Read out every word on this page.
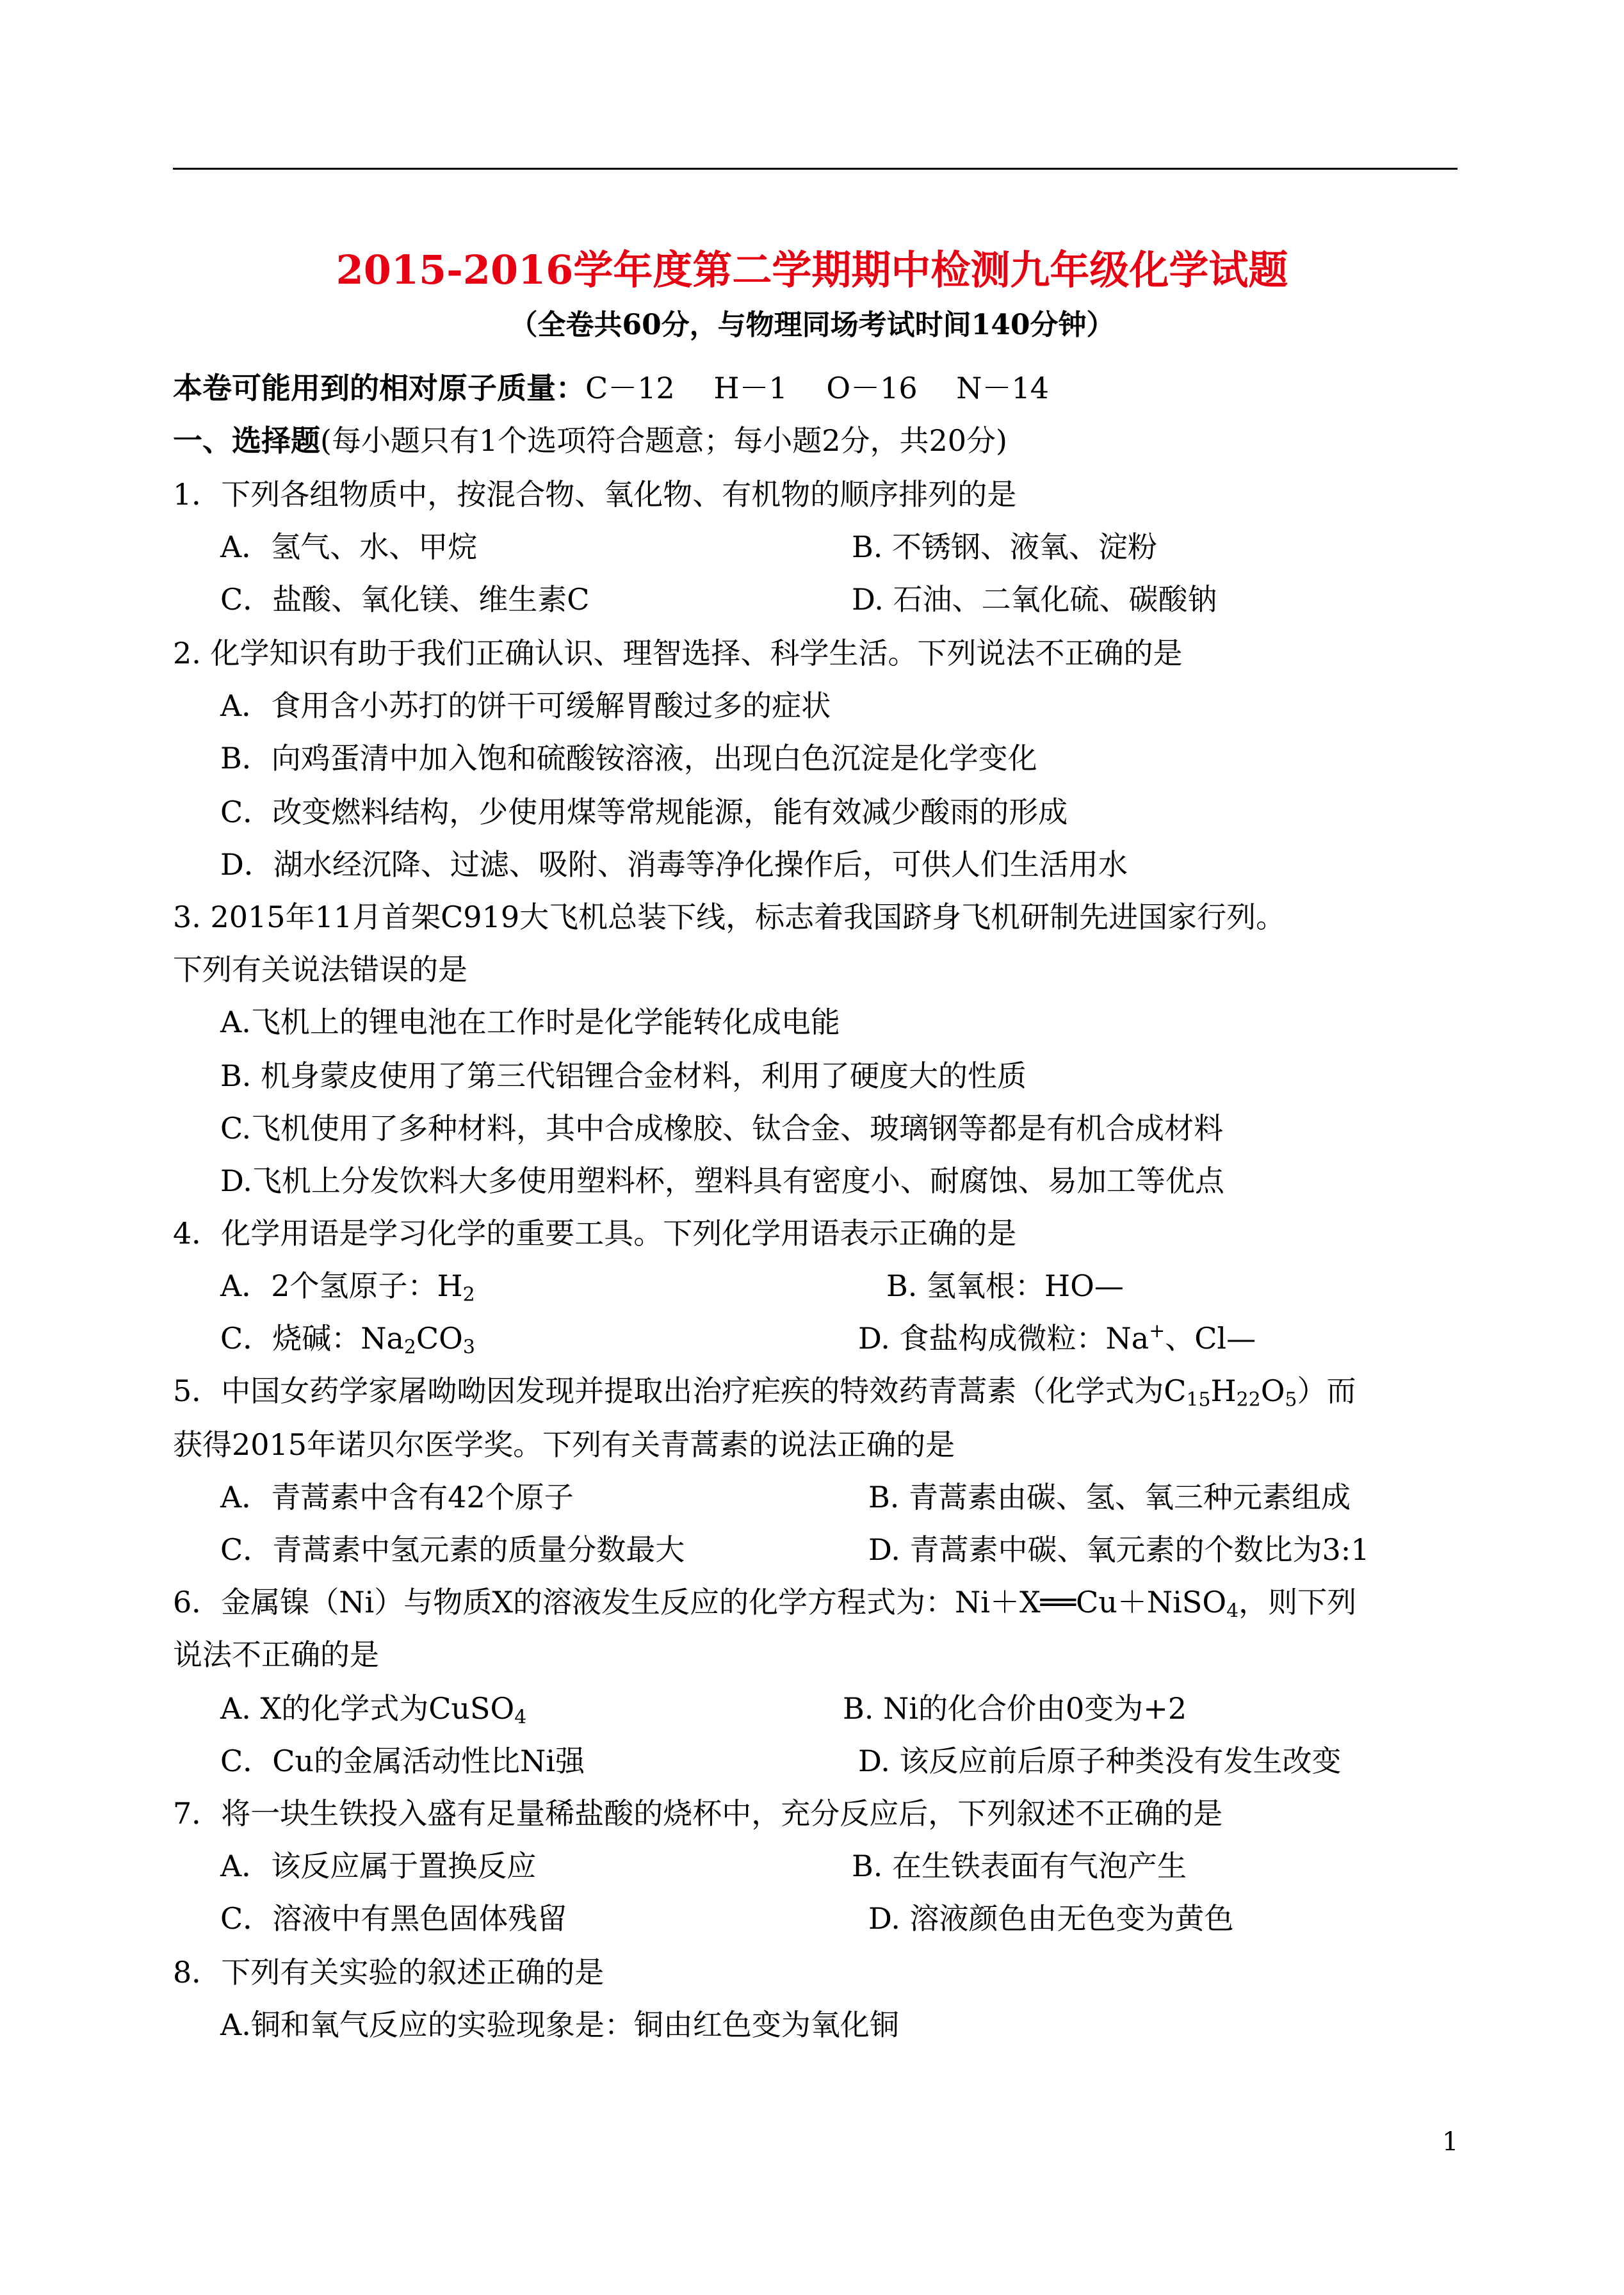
2015-2016学年度第二学期期中检测九年级化学试题
（全卷共60分，与物理同场考试时间140分钟）
本卷可能用到的相对原子质量：C－12　 H－1　 O－16　 N－14
一、选择题(每小题只有1个选项符合题意；每小题2分，共20分)
1．下列各组物质中，按混合物、氧化物、有机物的顺序排列的是
A．氢气、水、甲烷	B. 不锈钢、液氧、淀粉
C．盐酸、氧化镁、维生素C	D. 石油、二氧化硫、碳酸钠
2. 化学知识有助于我们正确认识、理智选择、科学生活。下列说法不正确的是
A．食用含小苏打的饼干可缓解胃酸过多的症状
B．向鸡蛋清中加入饱和硫酸铵溶液，出现白色沉淀是化学变化
C．改变燃料结构，少使用煤等常规能源，能有效减少酸雨的形成
D．湖水经沉降、过滤、吸附、消毒等净化操作后，可供人们生活用水
3. 2015年11月首架C919大飞机总装下线，标志着我国跻身飞机研制先进国家行列。
下列有关说法错误的是
A.飞机上的锂电池在工作时是化学能转化成电能
B. 机身蒙皮使用了第三代铝锂合金材料，利用了硬度大的性质
C.飞机使用了多种材料，其中合成橡胶、钛合金、玻璃钢等都是有机合成材料
D.飞机上分发饮料大多使用塑料杯，塑料具有密度小、耐腐蚀、易加工等优点
4．化学用语是学习化学的重要工具。下列化学用语表示正确的是
A．2个氢原子：$H_2$	B. 氢氧根：HO—
C．烧碱：$Na_2CO_3$	D. 食盐构成微粒：Na+、Cl—
5．中国女药学家屠呦呦因发现并提取出治疗疟疾的特效药青蒿素（化学式为$C_{15}H_{22}O_5$）而
获得2015年诺贝尔医学奖。下列有关青蒿素的说法正确的是
A．青蒿素中含有42个原子	B. 青蒿素由碳、氢、氧三种元素组成
C．青蒿素中氢元素的质量分数最大	D. 青蒿素中碳、氧元素的个数比为3:1
6．金属镍（Ni）与物质X的溶液发生反应的化学方程式为：Ni＋X══Cu＋NiSO$_4$，则下列
说法不正确的是
A. X的化学式为CuSO$_4$	B. Ni的化合价由0变为+2
C．Cu的金属活动性比Ni强	D. 该反应前后原子种类没有发生改变
7．将一块生铁投入盛有足量稀盐酸的烧杯中，充分反应后，下列叙述不正确的是
A．该反应属于置换反应	B. 在生铁表面有气泡产生
C．溶液中有黑色固体残留	D. 溶液颜色由无色变为黄色
8．下列有关实验的叙述正确的是
A.铜和氧气反应的实验现象是：铜由红色变为氧化铜
1
